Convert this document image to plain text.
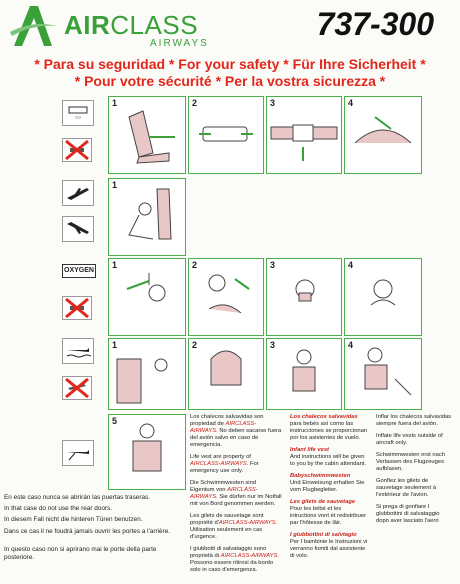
AIRCLASS
AIRWAYS
737-300
* Para su seguridad * For your safety * Für Ihre Sicherheit *
* Pour votre sécurité * Per la vostra sicurezza *
○○
OXYGEN
1	2	3	4
1
1	2	3	4
1	2	3	4
5
En este caso nunca se abrirán las puertas traseras.
In that case do not use the rear doors.
In diesem Fall nicht die hinteren Türen benutzen.
Dans ce cas il ne foudrá jamais ouvrir les portes a l'arrière.
In questo caso non si aprirano mai le porte della parte posteriore.

Los chalecos salvavidas son propiedad de AIRCLASS-AIRWAYS. No deben sacarse fuera del avión salvo en caso de emergencia.

Life vest are property of AIRCLASS-AIRWAYS. For emergency use only.

Die Schwimmwesten sind Eigentum von AIRCLASS-AIRWAYS. Sie dürfen nur im Notfall mit von Bord genommen werden.

Les gilets de sauvetage sont propriété d'AIRCLASS-AIRWAYS. Utilisation seulement en cas d'urgence.

I giubbotti di salvataggio sono proprietà di AIRCLASS-AIRWAYS. Possono essere ritirosi da bordo solo in caso d'emergenza.

Los chalecos salvavidas
para bebés así como las instrucciones se proporcionan por los asistentes de vuelo.

Infant life vest
And instructions will be given to you by the cabin attendant.

Babyschwimmwesten
Und Einweisung erhalten Sie vom Flugbegleiter.

Les gilets de sauvetage
Pour les bébé et les intructions vont ét redistribuer par l'hôtesse de lâir.

I giubbottini di salvtagio
Per I bambinie le Instruzioni vi verranno fomiti dal assistente di volo.

Inflar los chalecos salvavidas siempre fuera del avión.

Inflate life vests outside of aircraft only.

Schwimmwesten erst nach Verlassen des Flugzeuges aufblasen.

Gonflez les gilets de sauvetage seulement à l'extérieur de l'avion.

Si prega di gonfiare I glubbottini di salvataggio dopo aver lasciato l'aero
